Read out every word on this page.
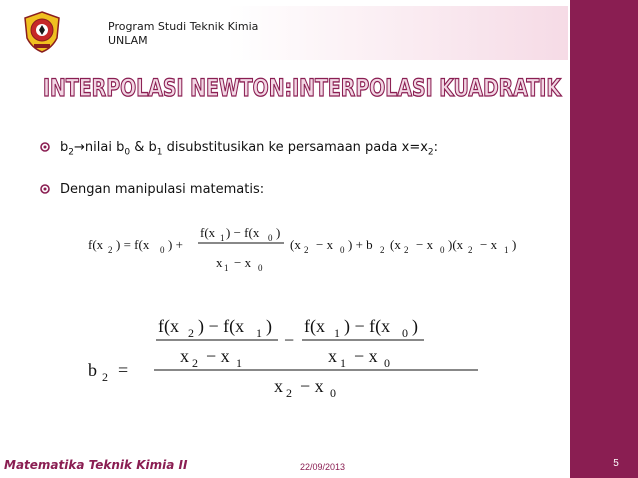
Program Studi Teknik Kimia
UNLAM
INTERPOLASI NEWTON:INTERPOLASI KUADRATIK
$b_2\to nilai$ $b_0$ & $b_1$ disubstitusikan ke persamaan pada $x=x_2$:
Dengan manipulasi matematis:
f(x 2 ) = f(x 0 ) +
f(x 1 ) − f(x 0 )
x 1 − x 0
(x 2 − x 0 ) + b 2 (x 2 − x 0 )(x 2 − x 1 )
f(x 2 ) − f(x 1 )
x 2 − x 1
−
f(x 1 ) − f(x 0 )
x 1 − x 0
b 2 =
x 2 − x 0
Matematika Teknik Kimia II	22/09/2013	5
